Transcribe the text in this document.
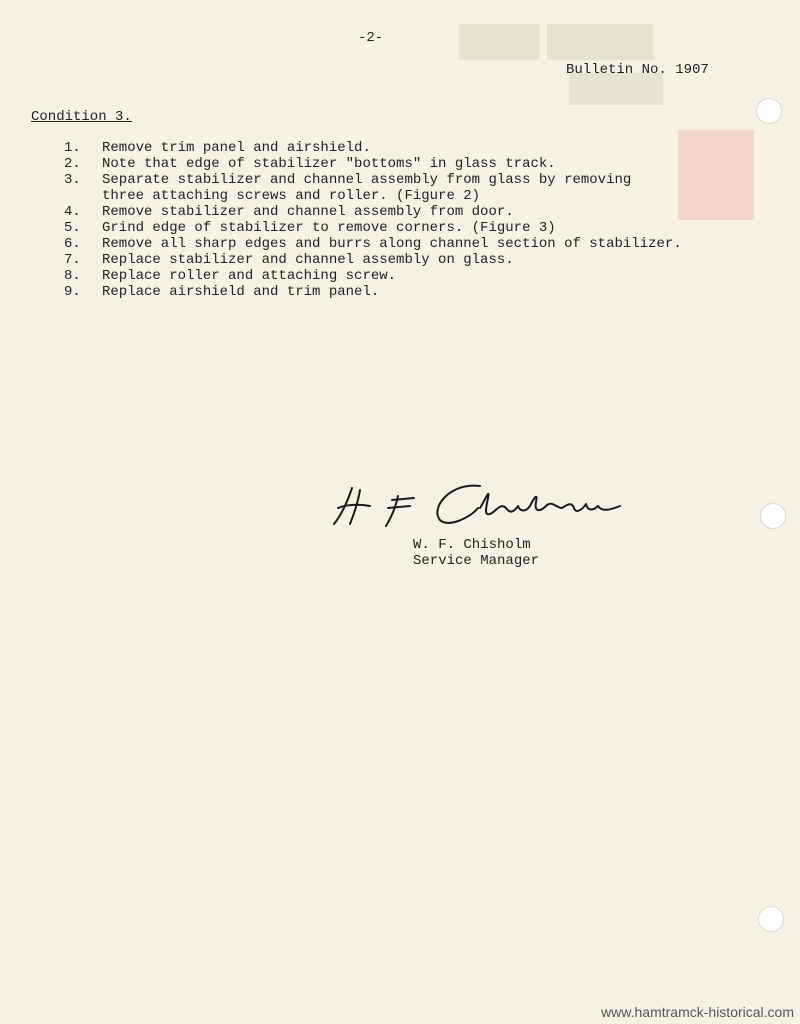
▇▇▇ ▇▇▇▇
▇▇▇▇
-2-
Bulletin No. 1907
Condition 3.
1.	Remove trim panel and airshield.
2.	Note that edge of stabilizer "bottoms" in glass track.
3.	Separate stabilizer and channel assembly from glass by removing three attaching screws and roller. (Figure 2)
4.	Remove stabilizer and channel assembly from door.
5.	Grind edge of stabilizer to remove corners. (Figure 3)
6.	Remove all sharp edges and burrs along channel section of stabilizer.
7.	Replace stabilizer and channel assembly on glass.
8.	Replace roller and attaching screw.
9.	Replace airshield and trim panel.
W. F. Chisholm
Service Manager
www.hamtramck-historical.com
